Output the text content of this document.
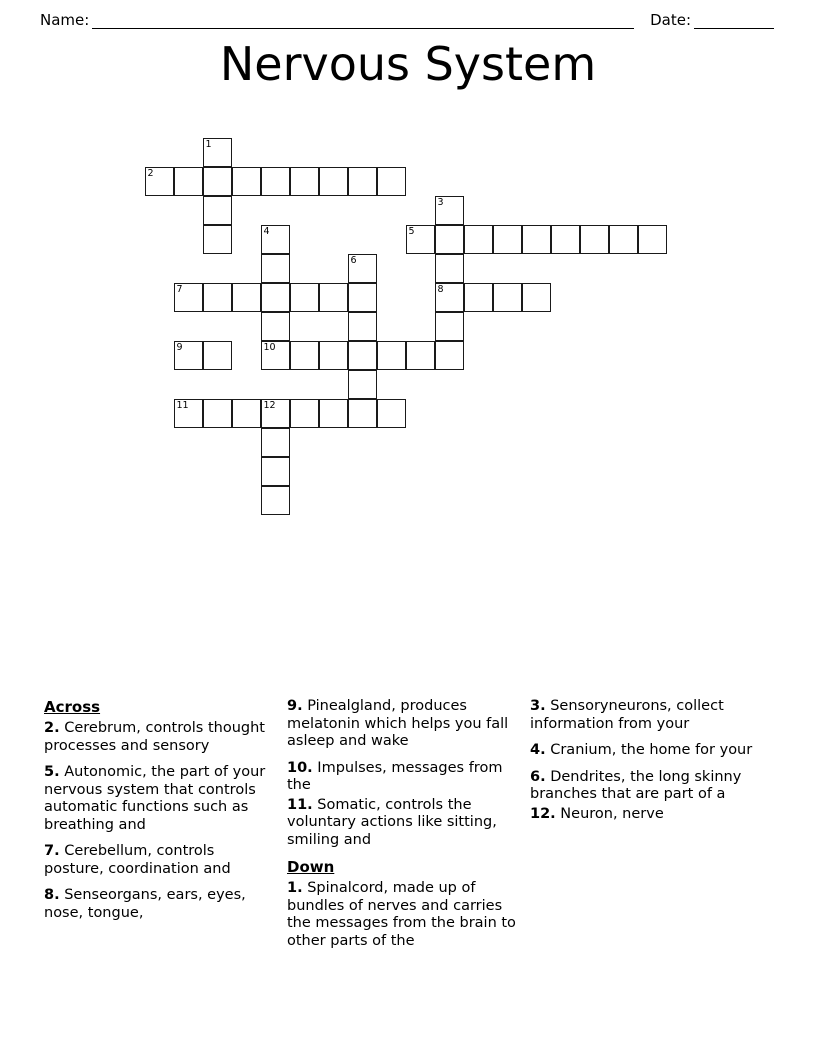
Name:	Date:
Nervous System
1
2
3
4	5
6
7	8
9	10
11	12
Across
2. Cerebrum, controls thought processes and sensory
5. Autonomic, the part of your nervous system that controls automatic functions such as breathing and
7. Cerebellum, controls posture, coordination and
8. Senseorgans, ears, eyes, nose, tongue,
9. Pinealgland, produces melatonin which helps you fall asleep and wake
10. Impulses, messages from the
11. Somatic, controls the voluntary actions like sitting, smiling and
Down
1. Spinalcord, made up of bundles of nerves and carries the messages from the brain to other parts of the
3. Sensoryneurons, collect information from your
4. Cranium, the home for your
6. Dendrites, the long skinny branches that are part of a
12. Neuron, nerve
